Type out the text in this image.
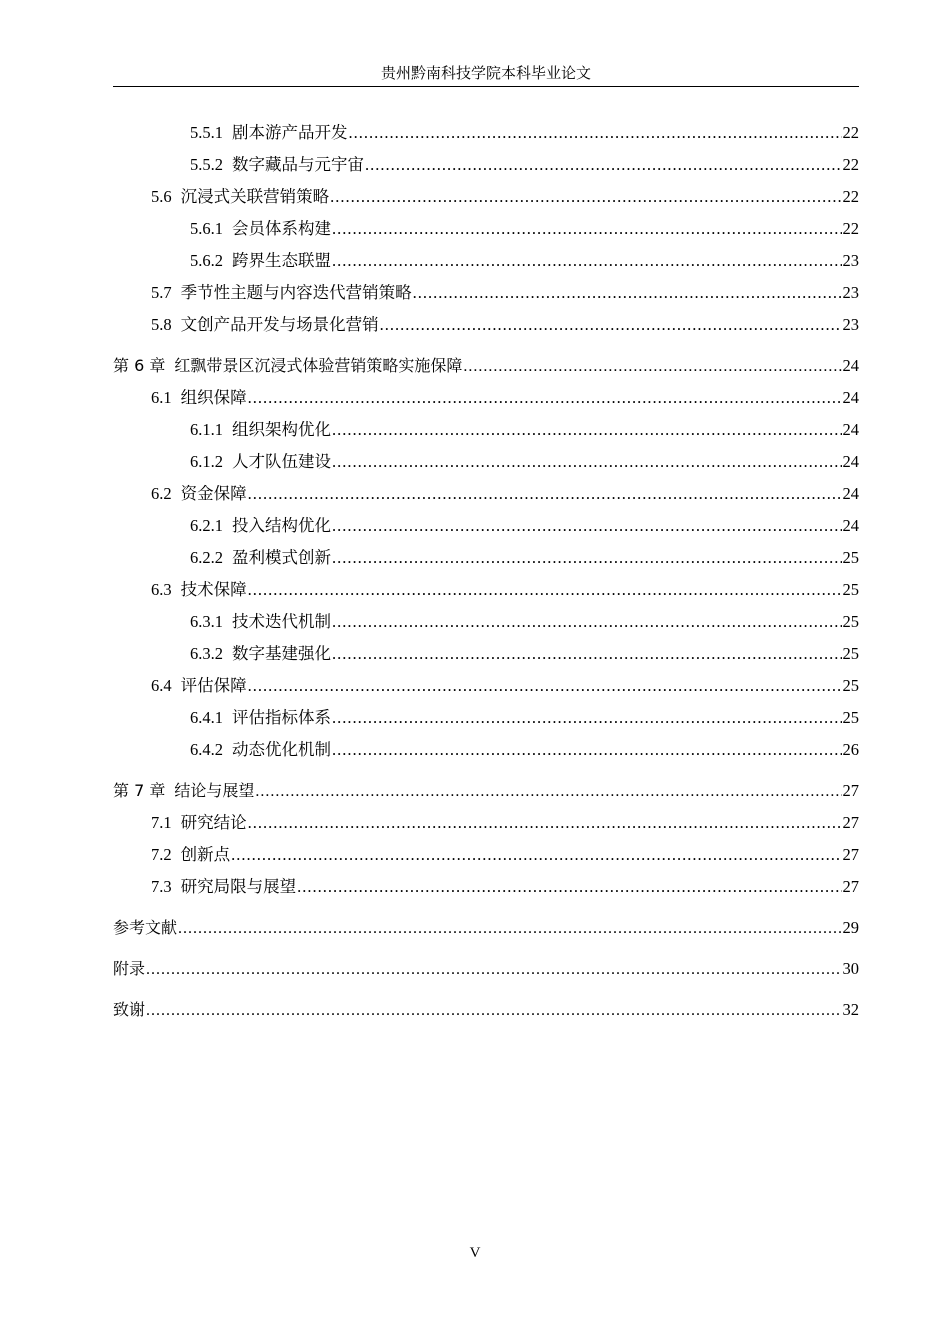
贵州黔南科技学院本科毕业论文
5.5.1 剧本游产品开发 .....	22
5.5.2 数字藏品与元宇宙 .....	22
5.6 沉浸式关联营销策略 .....	22
5.6.1 会员体系构建 .....	22
5.6.2 跨界生态联盟 .....	23
5.7 季节性主题与内容迭代营销策略 .....	23
5.8 文创产品开发与场景化营销 .....	23
第 6 章 红飘带景区沉浸式体验营销策略实施保障 .....	24
6.1 组织保障 .....	24
6.1.1 组织架构优化 .....	24
6.1.2 人才队伍建设 .....	24
6.2 资金保障 .....	24
6.2.1 投入结构优化 .....	24
6.2.2 盈利模式创新 .....	25
6.3 技术保障 .....	25
6.3.1 技术迭代机制 .....	25
6.3.2 数字基建强化 .....	25
6.4 评估保障 .....	25
6.4.1 评估指标体系 .....	25
6.4.2 动态优化机制 .....	26
第 7 章 结论与展望 .....	27
7.1 研究结论 .....	27
7.2 创新点 .....	27
7.3 研究局限与展望 .....	27
参考文献 .....	29
附录 .....	30
致谢 .....	32
V
